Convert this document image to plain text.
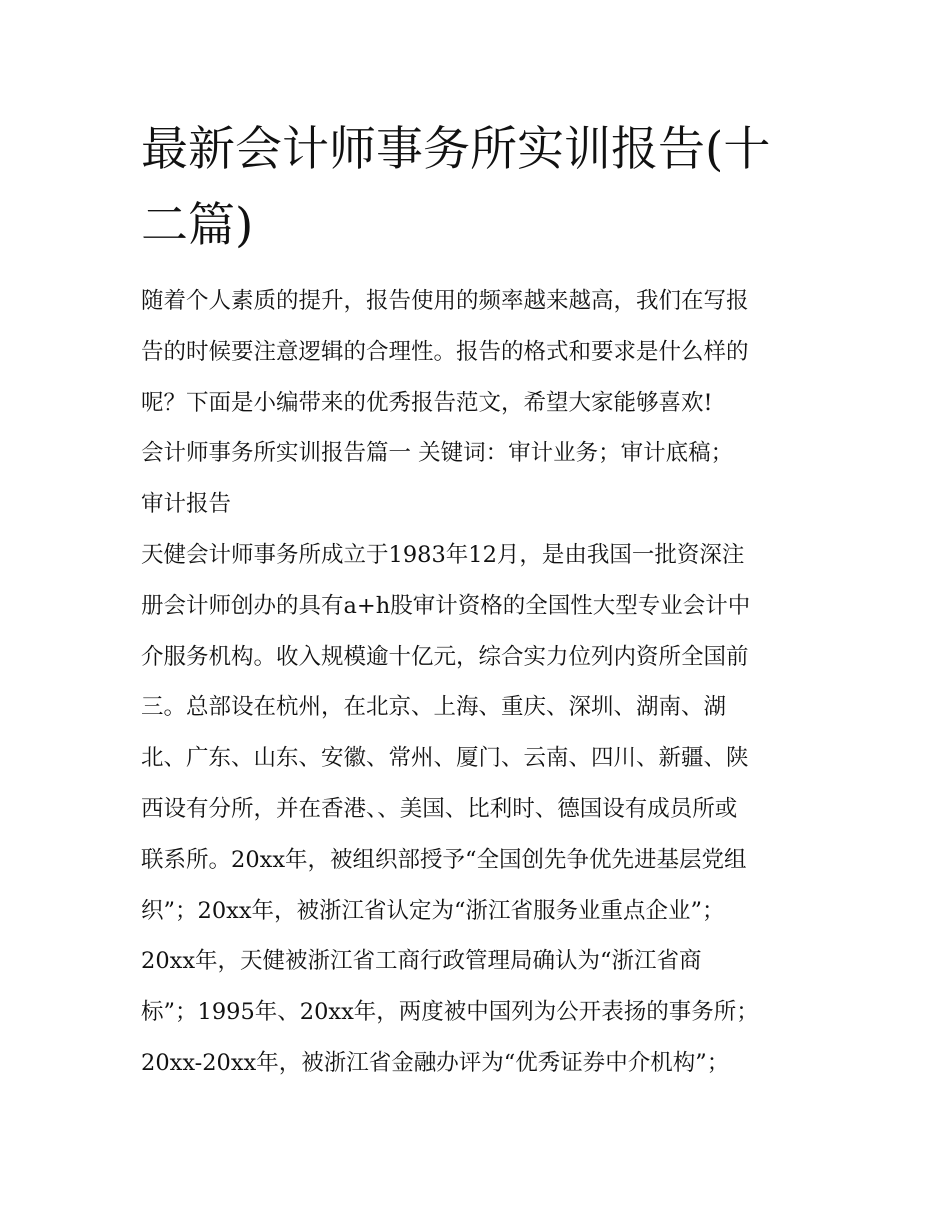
最新会计师事务所实训报告(十
二篇)
随着个人素质的提升，报告使用的频率越来越高，我们在写报
告的时候要注意逻辑的合理性。报告的格式和要求是什么样的
呢？下面是小编带来的优秀报告范文，希望大家能够喜欢!
会计师事务所实训报告篇一 关键词：审计业务；审计底稿；
审计报告
天健会计师事务所成立于1983年12月，是由我国一批资深注
册会计师创办的具有a+h股审计资格的全国性大型专业会计中
介服务机构。收入规模逾十亿元，综合实力位列内资所全国前
三。总部设在杭州，在北京、上海、重庆、深圳、湖南、湖
北、广东、山东、安徽、常州、厦门、云南、四川、新疆、陕
西设有分所，并在香港、、美国、比利时、德国设有成员所或
联系所。20xx年，被组织部授予“全国创先争优先进基层党组
织”；20xx年，被浙江省认定为“浙江省服务业重点企业”；
20xx年，天健被浙江省工商行政管理局确认为“浙江省商
标”；1995年、20xx年，两度被中国列为公开表扬的事务所；
20xx-20xx年，被浙江省金融办评为“优秀证券中介机构”；
